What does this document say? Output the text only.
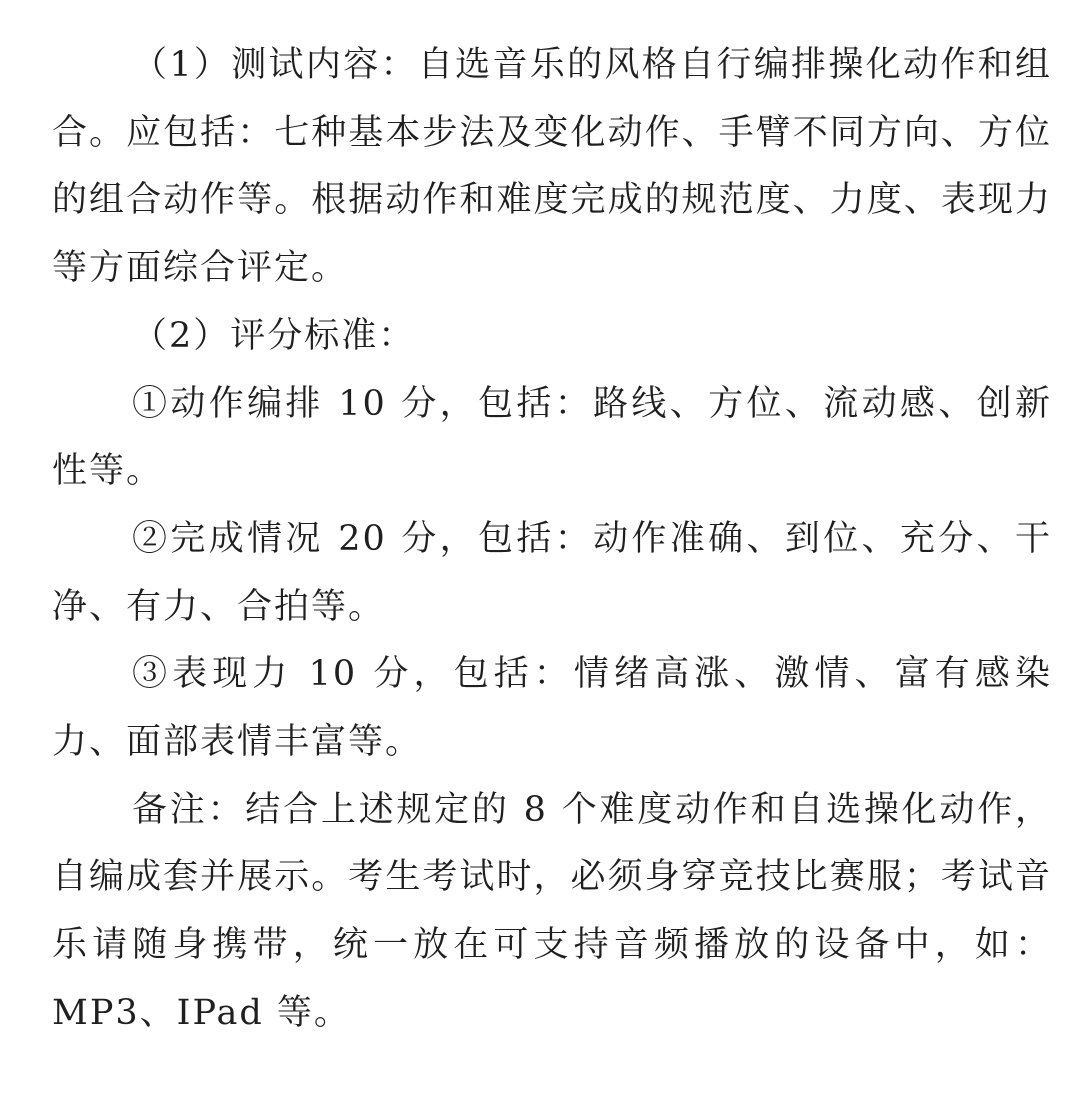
（1）测试内容：自选音乐的风格自行编排操化动作和组合。应包括：七种基本步法及变化动作、手臂不同方向、方位的组合动作等。根据动作和难度完成的规范度、力度、表现力等方面综合评定。

（2）评分标准：

①动作编排 10 分，包括：路线、方位、流动感、创新性等。

②完成情况 20 分，包括：动作准确、到位、充分、干净、有力、合拍等。

③表现力 10 分，包括：情绪高涨、激情、富有感染力、面部表情丰富等。

备注：结合上述规定的 8 个难度动作和自选操化动作，自编成套并展示。考生考试时，必须身穿竞技比赛服；考试音乐请随身携带，统一放在可支持音频播放的设备中，如：MP3、IPad 等。
